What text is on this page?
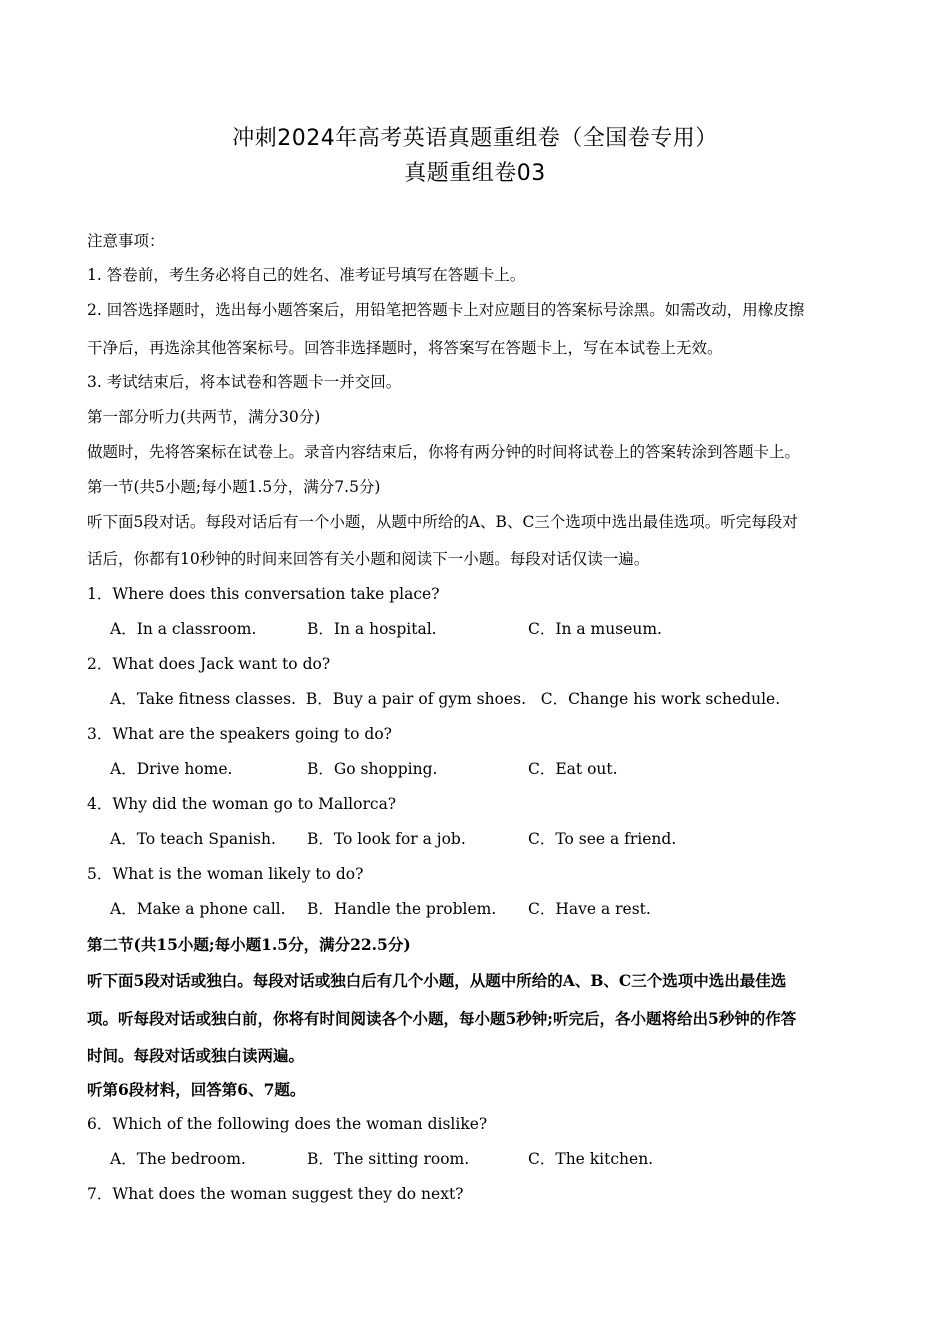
冲刺2024年高考英语真题重组卷（全国卷专用）
真题重组卷03
注意事项：
1. 答卷前，考生务必将自己的姓名、准考证号填写在答题卡上。
2. 回答选择题时，选出每小题答案后，用铅笔把答题卡上对应题目的答案标号涂黑。如需改动，用橡皮擦
干净后，再选涂其他答案标号。回答非选择题时，将答案写在答题卡上，写在本试卷上无效。
3. 考试结束后，将本试卷和答题卡一并交回。
第一部分听力(共两节，满分30分)
做题时，先将答案标在试卷上。录音内容结束后，你将有两分钟的时间将试卷上的答案转涂到答题卡上。
第一节(共5小题;每小题1.5分，满分7.5分)
听下面5段对话。每段对话后有一个小题，从题中所给的A、B、C三个选项中选出最佳选项。听完每段对
话后，你都有10秒钟的时间来回答有关小题和阅读下一小题。每段对话仅读一遍。
1．Where does this conversation take place?
A．In a classroom.	B．In a hospital.	C．In a museum.
2．What does Jack want to do?
A．Take fitness classes.  B．Buy a pair of gym shoes.   C．Change his work schedule.
3．What are the speakers going to do?
A．Drive home.	B．Go shopping.	C．Eat out.
4．Why did the woman go to Mallorca?
A．To teach Spanish. B．To look for a job.	C．To see a friend.
5．What is the woman likely to do?
A．Make a phone call. B．Handle the problem. C．Have a rest.
第二节(共15小题;每小题1.5分，满分22.5分)
听下面5段对话或独白。每段对话或独白后有几个小题，从题中所给的A、B、C三个选项中选出最佳选
项。听每段对话或独白前，你将有时间阅读各个小题，每小题5秒钟;听完后，各小题将给出5秒钟的作答
时间。每段对话或独白读两遍。
听第6段材料，回答第6、7题。
6．Which of the following does the woman dislike?
A．The bedroom.	B．The sitting room.	C．The kitchen.
7．What does the woman suggest they do next?
